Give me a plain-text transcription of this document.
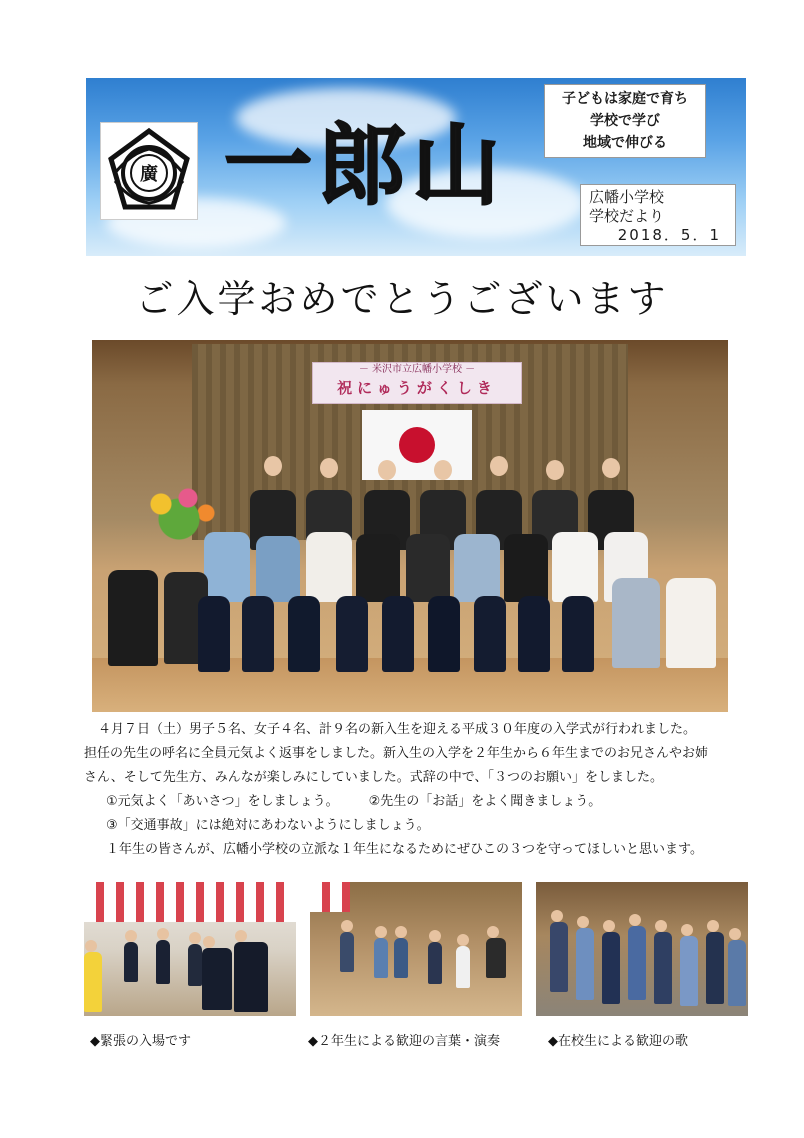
廣 一郎山
子どもは家庭で育ち
学校で学び
地域で伸びる
広幡小学校
学校だより
2018．5．1
ご入学おめでとうございます
－ 米沢市立広幡小学校 －
祝にゅうがくしき

４月７日（土）男子５名、女子４名、計９名の新入生を迎える平成３０年度の入学式が行われました。

担任の先生の呼名に全員元気よく返事をしました。新入生の入学を２年生から６年生までのお兄さんやお姉

さん、そして先生方、みんなが楽しみにしていました。式辞の中で、「３つのお願い」をしました。

①元気よく「あいさつ」をしましょう。 ②先生の「お話」をよく聞きましょう。

③「交通事故」には絶対にあわないようにしましょう。

１年生の皆さんが、広幡小学校の立派な１年生になるためにぜひこの３つを守ってほしいと思います。

◆緊張の入場です	◆２年生による歓迎の言葉・演奏	◆在校生による歓迎の歌
